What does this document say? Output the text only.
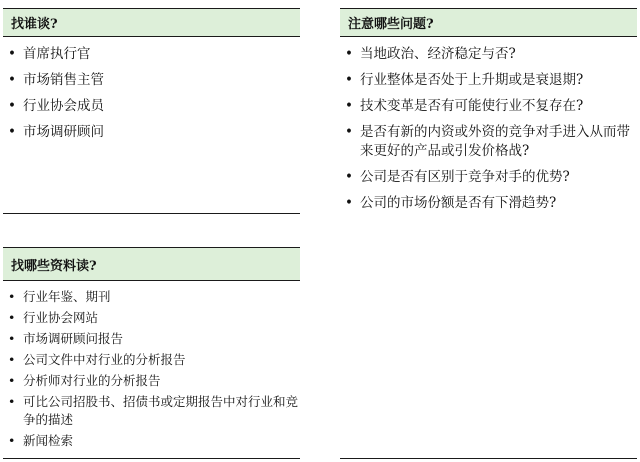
找谁谈?
• 首席执行官
• 市场销售主管
• 行业协会成员
• 市场调研顾问
注意哪些问题?
• 当地政治、经济稳定与否?
• 行业整体是否处于上升期或是衰退期?
• 技术变革是否有可能使行业不复存在?
• 是否有新的内资或外资的竞争对手进入从而带来更好的产品或引发价格战?
• 公司是否有区别于竞争对手的优势?
• 公司的市场份额是否有下滑趋势?
找哪些资料读?
• 行业年鉴、期刊
• 行业协会网站
• 市场调研顾问报告
• 公司文件中对行业的分析报告
• 分析师对行业的分析报告
• 可比公司招股书、招债书或定期报告中对行业和竞争的描述
• 新闻检索
